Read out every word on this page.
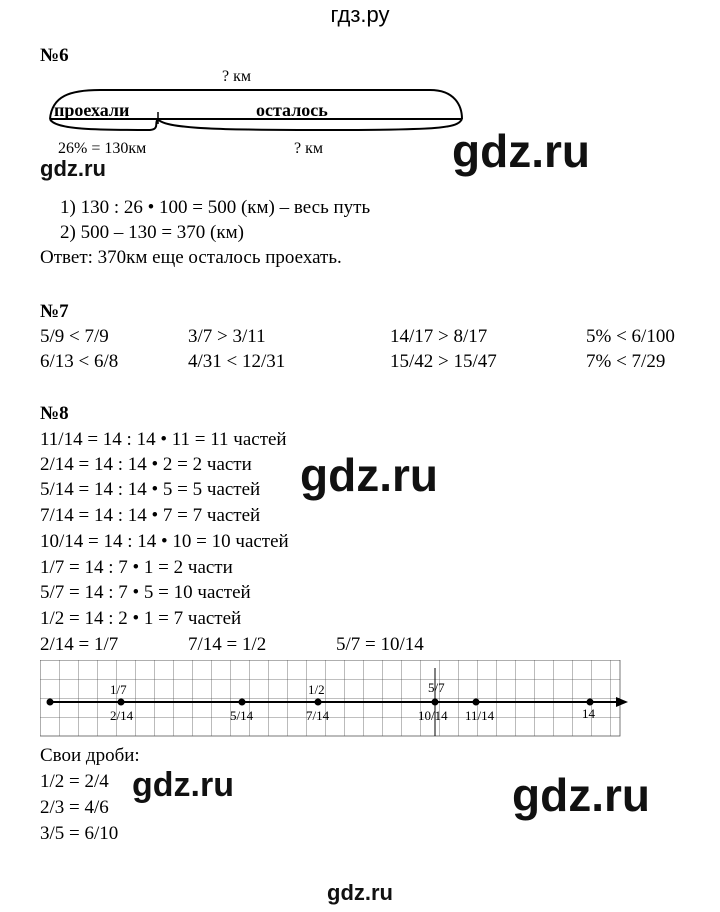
гдз.ру
№6
? км
проехали	осталось
26% = 130км	? км
gdz.ru	gdz.ru
1) 130 : 26 • 100 = 500 (км) – весь путь
2) 500 – 130 = 370 (км)
Ответ: 370км еще осталось проехать.
№7
5/9 < 7/9	3/7 > 3/11	14/17 > 8/17	5% < 6/100
6/13 < 6/8	4/31 < 12/31	15/42 > 15/47	7% < 7/29
№8
11/14 = 14 : 14 • 11 = 11 частей
2/14 = 14 : 14 • 2 = 2 части
5/14 = 14 : 14 • 5 = 5 частей
7/14 = 14 : 14 • 7 = 7 частей
10/14 = 14 : 14 • 10 = 10 частей
1/7 = 14 : 7 • 1 = 2 части
5/7 = 14 : 7 • 5 = 10 частей
1/2 = 14 : 2 • 1 = 7 частей
gdz.ru
2/14 = 1/7	7/14 = 1/2	5/7 = 10/14
1/7	1/2	5/7
2/14	5/14	7/14	10/14 11/14	14
Свои дроби:
1/2 = 2/4
2/3 = 4/6
3/5 = 6/10
gdz.ru	gdz.ru
gdz.ru
